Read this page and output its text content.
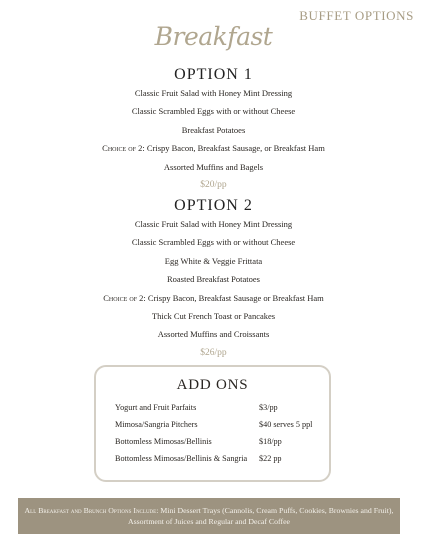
BUFFET OPTIONS
Breakfast
OPTION 1
Classic Fruit Salad with Honey Mint Dressing
Classic Scrambled Eggs with or without Cheese
Breakfast Potatoes
Choice of 2: Crispy Bacon, Breakfast Sausage, or Breakfast Ham
Assorted Muffins and Bagels
$20/pp
OPTION 2
Classic Fruit Salad with Honey Mint Dressing
Classic Scrambled Eggs with or without Cheese
Egg White & Veggie Frittata
Roasted Breakfast Potatoes
Choice of 2: Crispy Bacon, Breakfast Sausage or Breakfast Ham
Thick Cut French Toast or Pancakes
Assorted Muffins and Croissants
$26/pp
ADD ONS
Yogurt and Fruit Parfaits	$3/pp
Mimosa/Sangria Pitchers	$40 serves 5 ppl
Bottomless Mimosas/Bellinis	$18/pp
Bottomless Mimosas/Bellinis & Sangria	$22 pp
All Breakfast and Brunch Options Include: Mini Dessert Trays (Cannolis, Cream Puffs, Cookies, Brownies and Fruit), Assortment of Juices and Regular and Decaf Coffee
